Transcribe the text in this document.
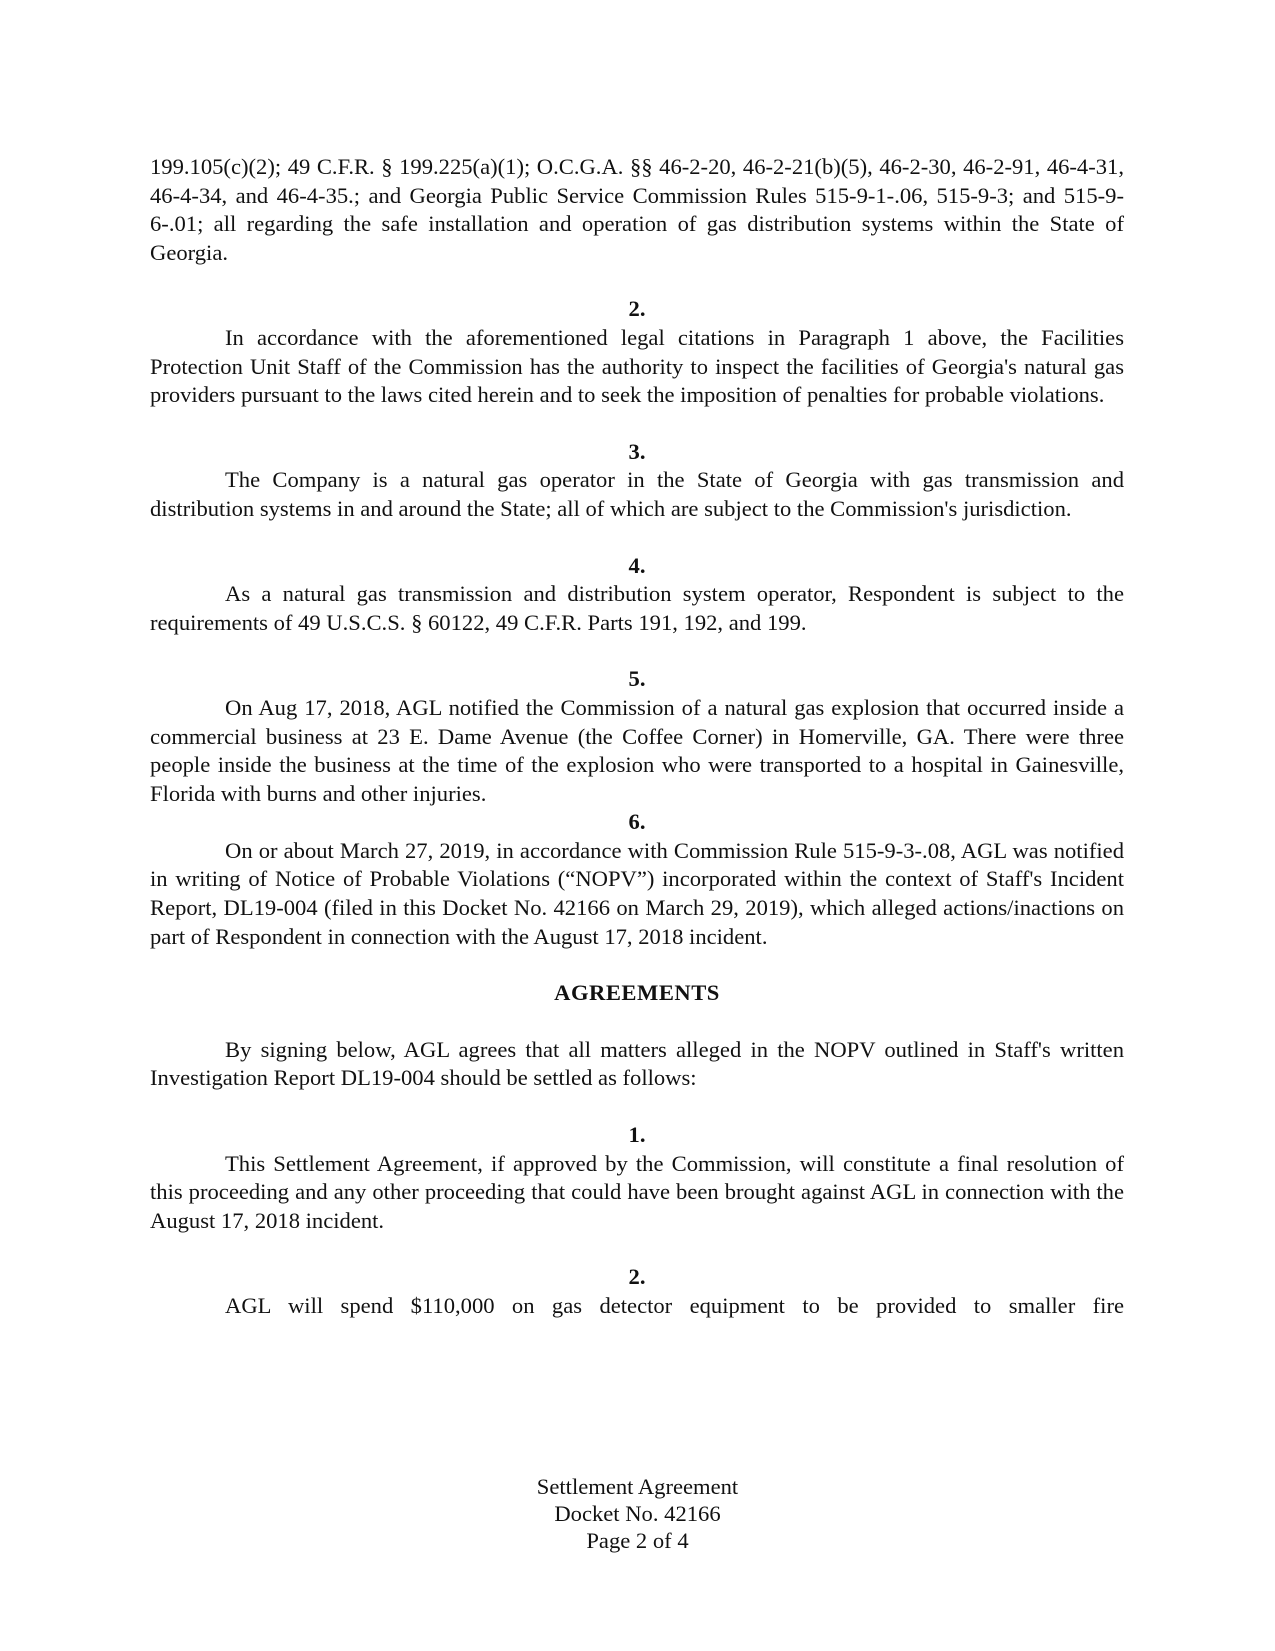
199.105(c)(2); 49 C.F.R. § 199.225(a)(1); O.C.G.A. §§ 46-2-20, 46-2-21(b)(5), 46-2-30, 46-2-91, 46-4-31, 46-4-34, and 46-4-35.; and Georgia Public Service Commission Rules 515-9-1-.06, 515-9-3; and 515-9-6-.01; all regarding the safe installation and operation of gas distribution systems within the State of Georgia.

2.

In accordance with the aforementioned legal citations in Paragraph 1 above, the Facilities Protection Unit Staff of the Commission has the authority to inspect the facilities of Georgia's natural gas providers pursuant to the laws cited herein and to seek the imposition of penalties for probable violations.

3.

The Company is a natural gas operator in the State of Georgia with gas transmission and distribution systems in and around the State; all of which are subject to the Commission's jurisdiction.

4.

As a natural gas transmission and distribution system operator, Respondent is subject to the requirements of 49 U.S.C.S. § 60122, 49 C.F.R. Parts 191, 192, and 199.

5.

On Aug 17, 2018, AGL notified the Commission of a natural gas explosion that occurred inside a commercial business at 23 E. Dame Avenue (the Coffee Corner) in Homerville, GA. There were three people inside the business at the time of the explosion who were transported to a hospital in Gainesville, Florida with burns and other injuries.

6.

On or about March 27, 2019, in accordance with Commission Rule 515-9-3-.08, AGL was notified in writing of Notice of Probable Violations (“NOPV”) incorporated within the context of Staff's Incident Report, DL19-004 (filed in this Docket No. 42166 on March 29, 2019), which alleged actions/inactions on part of Respondent in connection with the August 17, 2018 incident.

AGREEMENTS

By signing below, AGL agrees that all matters alleged in the NOPV outlined in Staff's written Investigation Report DL19-004 should be settled as follows:

1.

This Settlement Agreement, if approved by the Commission, will constitute a final resolution of this proceeding and any other proceeding that could have been brought against AGL in connection with the August 17, 2018 incident.

2.

AGL will spend $110,000 on gas detector equipment to be provided to smaller fire

Settlement Agreement
Docket No. 42166
Page 2 of 4
